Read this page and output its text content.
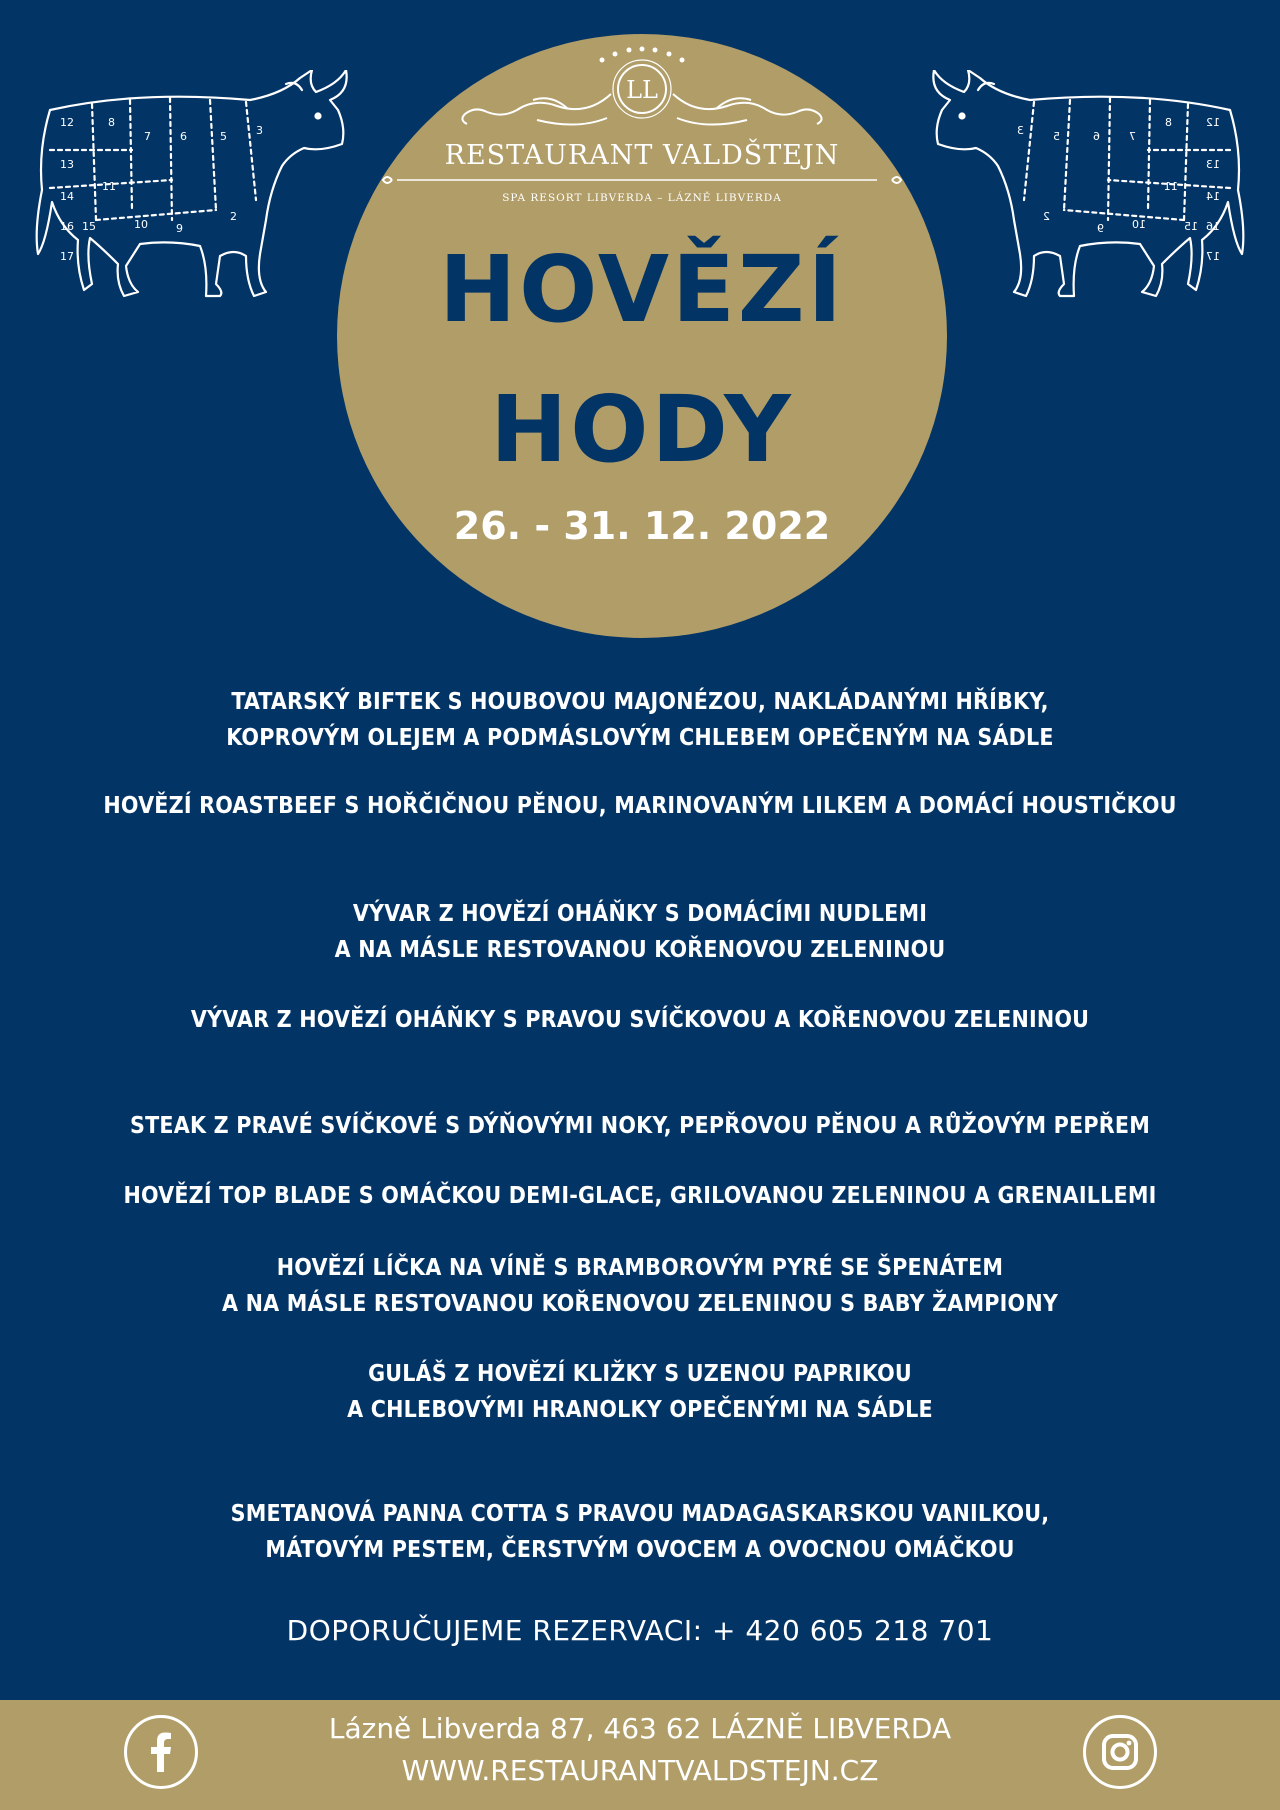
12	8
7	6	5	3
13
11
14
16 15	10	9
2
17
12
8
7
6
5
3
13
11
14
16
15
10
9
2
17
LL
RESTAURANT VALDŠTEJN
SPA RESORT LIBVERDA – LÁZNĚ LIBVERDA
HOVĚZÍ
HODY
26. - 31. 12. 2022
TATARSKÝ BIFTEK S HOUBOVOU MAJONÉZOU, NAKLÁDANÝMI HŘÍBKY,
KOPROVÝM OLEJEM A PODMÁSLOVÝM CHLEBEM OPEČENÝM NA SÁDLE
HOVĚZÍ ROASTBEEF S HOŘČIČNOU PĚNOU, MARINOVANÝM LILKEM A DOMÁCÍ HOUSTIČKOU
VÝVAR Z HOVĚZÍ OHÁŇKY S DOMÁCÍMI NUDLEMI
A NA MÁSLE RESTOVANOU KOŘENOVOU ZELENINOU
VÝVAR Z HOVĚZÍ OHÁŇKY S PRAVOU SVÍČKOVOU A KOŘENOVOU ZELENINOU
STEAK Z PRAVÉ SVÍČKOVÉ S DÝŇOVÝMI NOKY, PEPŘOVOU PĚNOU A RŮŽOVÝM PEPŘEM
HOVĚZÍ TOP BLADE S OMÁČKOU DEMI-GLACE, GRILOVANOU ZELENINOU A GRENAILLEMI
HOVĚZÍ LÍČKA NA VÍNĚ S BRAMBOROVÝM PYRÉ SE ŠPENÁTEM
A NA MÁSLE RESTOVANOU KOŘENOVOU ZELENINOU S BABY ŽAMPIONY
GULÁŠ Z HOVĚZÍ KLIŽKY S UZENOU PAPRIKOU
A CHLEBOVÝMI HRANOLKY OPEČENÝMI NA SÁDLE
SMETANOVÁ PANNA COTTA S PRAVOU MADAGASKARSKOU VANILKOU,
MÁTOVÝM PESTEM, ČERSTVÝM OVOCEM A OVOCNOU OMÁČKOU
DOPORUČUJEME REZERVACI: + 420 605 218 701
Lázně Libverda 87, 463 62 LÁZNĚ LIBVERDA
WWW.RESTAURANTVALDSTEJN.CZ
